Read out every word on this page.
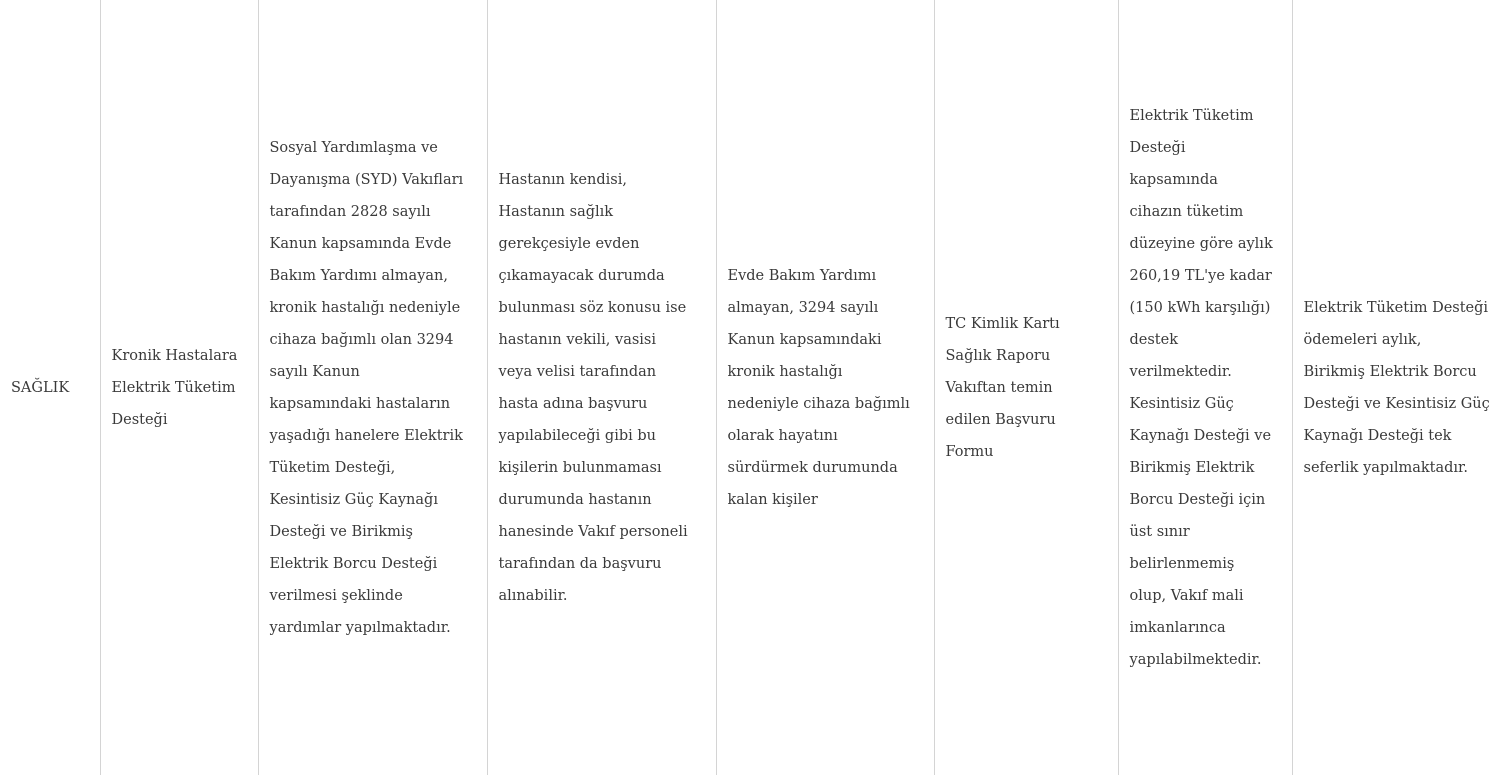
SAĞLIK

Kronik Hastalara
Elektrik Tüketim
Desteği

Sosyal Yardımlaşma ve
Dayanışma (SYD) Vakıfları
tarafından 2828 sayılı
Kanun kapsamında Evde
Bakım Yardımı almayan,
kronik hastalığı nedeniyle
cihaza bağımlı olan 3294
sayılı Kanun
kapsamındaki hastaların
yaşadığı hanelere Elektrik
Tüketim Desteği,
Kesintisiz Güç Kaynağı
Desteği ve Birikmiş
Elektrik Borcu Desteği
verilmesi şeklinde
yardımlar yapılmaktadır.

Hastanın kendisi,
Hastanın sağlık
gerekçesiyle evden
çıkamayacak durumda
bulunması söz konusu ise
hastanın vekili, vasisi
veya velisi tarafından
hasta adına başvuru
yapılabileceği gibi bu
kişilerin bulunmaması
durumunda hastanın
hanesinde Vakıf personeli
tarafından da başvuru
alınabilir.

Evde Bakım Yardımı
almayan, 3294 sayılı
Kanun kapsamındaki
kronik hastalığı
nedeniyle cihaza bağımlı
olarak hayatını
sürdürmek durumunda
kalan kişiler

TC Kimlik Kartı
Sağlık Raporu
Vakıftan temin
edilen Başvuru
Formu

Elektrik Tüketim
Desteği
kapsamında
cihazın tüketim
düzeyine göre aylık
260,19 TL'ye kadar
(150 kWh karşılığı)
destek
verilmektedir.
Kesintisiz Güç
Kaynağı Desteği ve
Birikmiş Elektrik
Borcu Desteği için
üst sınır
belirlenmemiş
olup, Vakıf mali
imkanlarınca
yapılabilmektedir.

Elektrik Tüketim Desteği
ödemeleri aylık,
Birikmiş Elektrik Borcu
Desteği ve Kesintisiz Güç
Kaynağı Desteği tek
seferlik yapılmaktadır.
